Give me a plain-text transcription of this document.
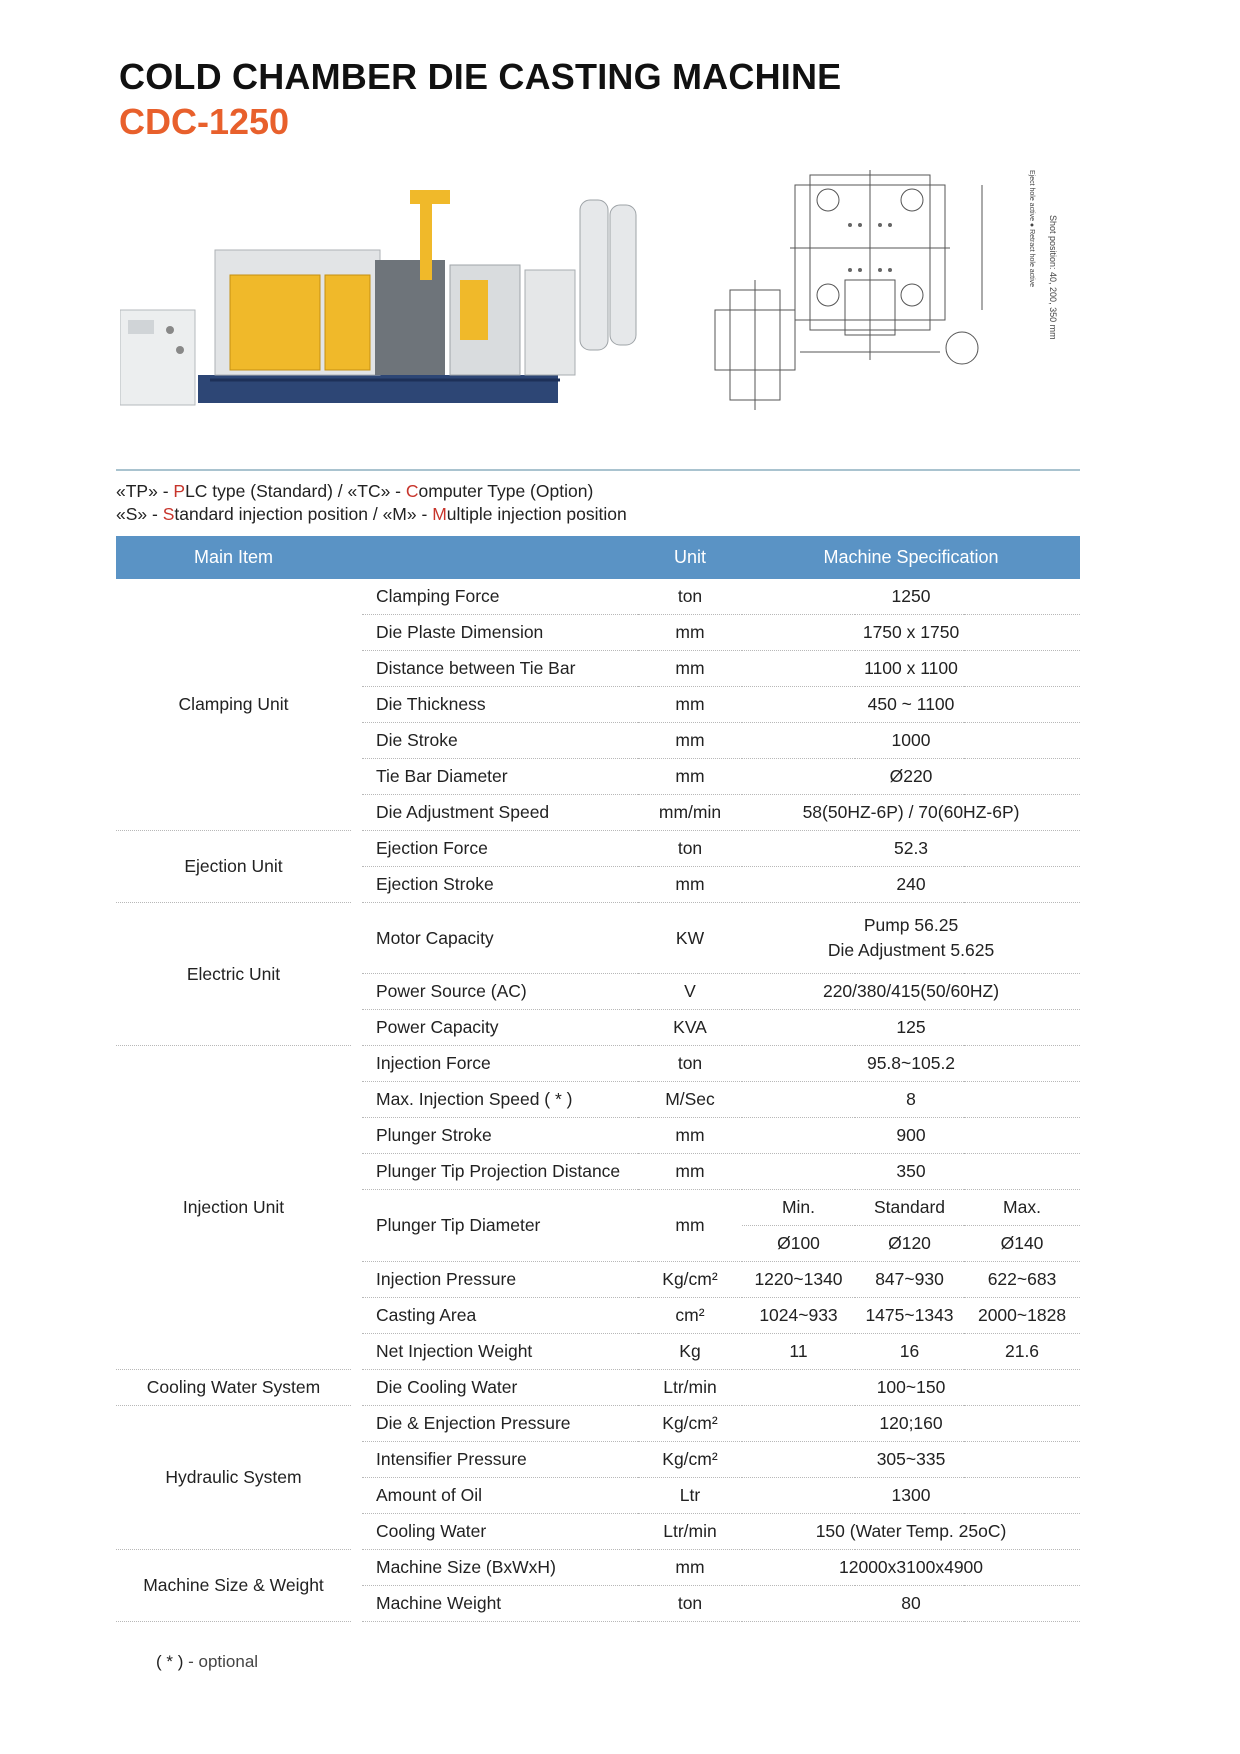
COLD CHAMBER DIE CASTING MACHINE
CDC-1250
Shot position: 40, 200, 350 mm
Eject hole active ● Retract hole active
«TP» - PLC type (Standard) / «TC» - Computer Type (Option)
«S» - Standard injection position / «M» - Multiple injection position
Main Item			Unit	Machine Specification		
Clamping Unit		Clamping Force	ton	1250		
		Die Plaste Dimension	mm	1750 x 1750		
		Distance between Tie Bar	mm	1100 x 1100		
		Die Thickness	mm	450 ~ 1100		
		Die Stroke	mm	1000		
		Tie Bar Diameter	mm	Ø220		
		Die Adjustment Speed	mm/min	58(50HZ-6P) / 70(60HZ-6P)		
Ejection Unit		Ejection Force	ton	52.3		
		Ejection Stroke	mm	240		
Electric Unit		Motor Capacity	KW	Pump 56.25
Die Adjustment 5.625		

		Power Source (AC)	V	220/380/415(50/60HZ)		
		Power Capacity	KVA	125		
Injection Unit		Injection Force	ton	95.8~105.2		
		Max. Injection Speed ( * )	M/Sec	8		
		Plunger Stroke	mm	900		
		Plunger Tip Projection Distance	mm	350		
		Plunger Tip Diameter	mm	Min.	Standard	Max.
				Ø100	Ø120	Ø140
		Injection Pressure	Kg/cm²	1220~1340	847~930	622~683
		Casting Area	cm²	1024~933	1475~1343	2000~1828
		Net Injection Weight	Kg	11	16	21.6
Cooling Water System		Die Cooling Water	Ltr/min	100~150		
Hydraulic System		Die & Enjection Pressure	Kg/cm²	120;160		
		Intensifier Pressure	Kg/cm²	305~335		
		Amount of Oil	Ltr	1300		
		Cooling Water	Ltr/min	150 (Water Temp. 25oC)		
Machine Size & Weight		Machine Size (BxWxH)	mm	12000x3100x4900		
		Machine Weight	ton	80		
( * ) - optional
